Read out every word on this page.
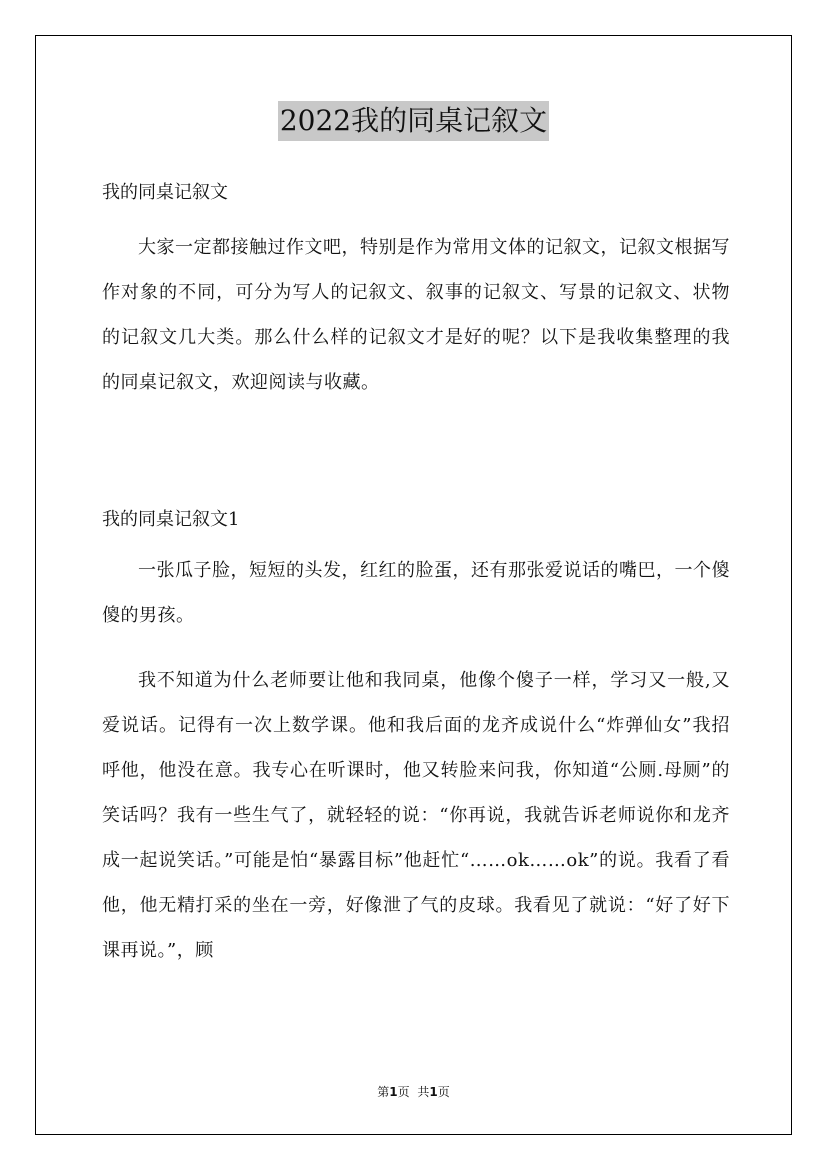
2022我的同桌记叙文
我的同桌记叙文

大家一定都接触过作文吧，特别是作为常用文体的记叙文，记叙文根据写作对象的不同，可分为写人的记叙文、叙事的记叙文、写景的记叙文、状物的记叙文几大类。那么什么样的记叙文才是好的呢？以下是我收集整理的我的同桌记叙文，欢迎阅读与收藏。

我的同桌记叙文1

一张瓜子脸，短短的头发，红红的脸蛋，还有那张爱说话的嘴巴，一个傻傻的男孩。

我不知道为什么老师要让他和我同桌，他像个傻子一样，学习又一般,又爱说话。记得有一次上数学课。他和我后面的龙齐成说什么“炸弹仙女”我招呼他，他没在意。我专心在听课时，他又转脸来问我，你知道“公厕.母厕”的笑话吗？我有一些生气了，就轻轻的说：“你再说，我就告诉老师说你和龙齐成一起说笑话。”可能是怕“暴露目标”他赶忙“……ok……ok”的说。我看了看他，他无精打采的坐在一旁，好像泄了气的皮球。我看见了就说：“好了好下课再说。”，顾

第1页 共1页
